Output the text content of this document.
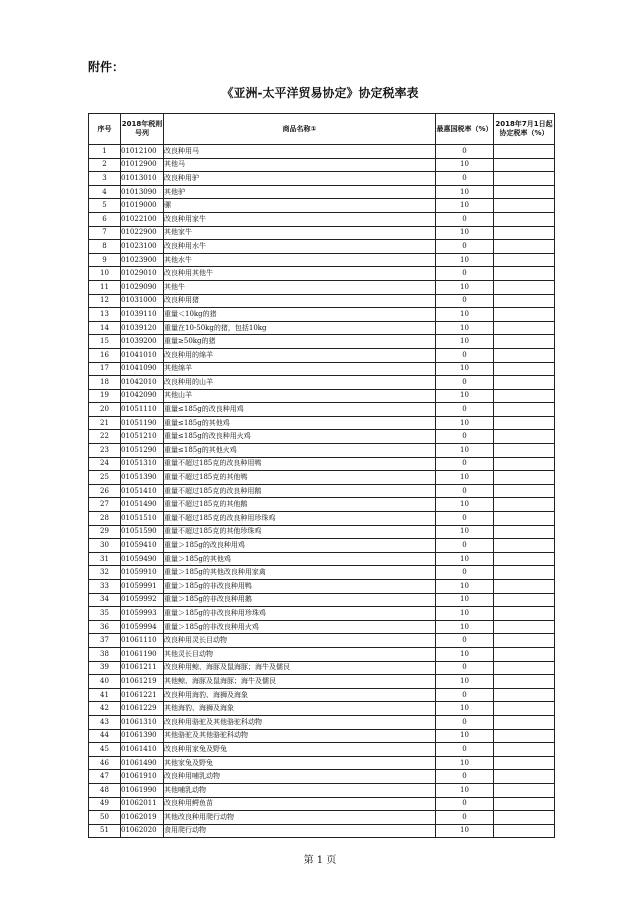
附件：
《亚洲-太平洋贸易协定》协定税率表
序号	2018年税则号列	商品名称①	最惠国税率（%）	2018年7月1日起协定税率（%）
1	01012100	改良种用马	0	
2	01012900	其他马	10	
3	01013010	改良种用驴	0	
4	01013090	其他驴	10	
5	01019000	骡	10	
6	01022100	改良种用家牛	0	
7	01022900	其他家牛	10	
8	01023100	改良种用水牛	0	
9	01023900	其他水牛	10	
10	01029010	改良种用其他牛	0	
11	01029090	其他牛	10	
12	01031000	改良种用猪	0	
13	01039110	重量＜10kg的猪	10	
14	01039120	重量在10-50kg的猪，包括10kg	10	
15	01039200	重量≥50kg的猪	10	
16	01041010	改良种用的绵羊	0	
17	01041090	其他绵羊	10	
18	01042010	改良种用的山羊	0	
19	01042090	其他山羊	10	
20	01051110	重量≤185g的改良种用鸡	0	
21	01051190	重量≤185g的其他鸡	10	
22	01051210	重量≤185g的改良种用火鸡	0	
23	01051290	重量≤185g的其他火鸡	10	
24	01051310	重量不超过185克的改良种用鸭	0	
25	01051390	重量不超过185克的其他鸭	10	
26	01051410	重量不超过185克的改良种用鹅	0	
27	01051490	重量不超过185克的其他鹅	10	
28	01051510	重量不超过185克的改良种用珍珠鸡	0	
29	01051590	重量不超过185克的其他珍珠鸡	10	
30	01059410	重量＞185g的改良种用鸡	0	
31	01059490	重量＞185g的其他鸡	10	
32	01059910	重量＞185g的其他改良种用家禽	0	
33	01059991	重量＞185g的非改良种用鸭	10	
34	01059992	重量＞185g的非改良种用鹅	10	
35	01059993	重量＞185g的非改良种用珍珠鸡	10	
36	01059994	重量＞185g的非改良种用火鸡	10	
37	01061110	改良种用灵长目动物	0	
38	01061190	其他灵长目动物	10	
39	01061211	改良种用鲸、海豚及鼠海豚；海牛及儒艮	0	
40	01061219	其他鲸、海豚及鼠海豚；海牛及儒艮	10	
41	01061221	改良种用海豹、海狮及海象	0	
42	01061229	其他海豹、海狮及海象	10	
43	01061310	改良种用骆驼及其他骆驼科动物	0	
44	01061390	其他骆驼及其他骆驼科动物	10	
45	01061410	改良种用家兔及野兔	0	
46	01061490	其他家兔及野兔	10	
47	01061910	改良种用哺乳动物	0	
48	01061990	其他哺乳动物	10	
49	01062011	改良种用鳄鱼苗	0	
50	01062019	其他改良种用爬行动物	0	
51	01062020	食用爬行动物	10	
第 1 页
